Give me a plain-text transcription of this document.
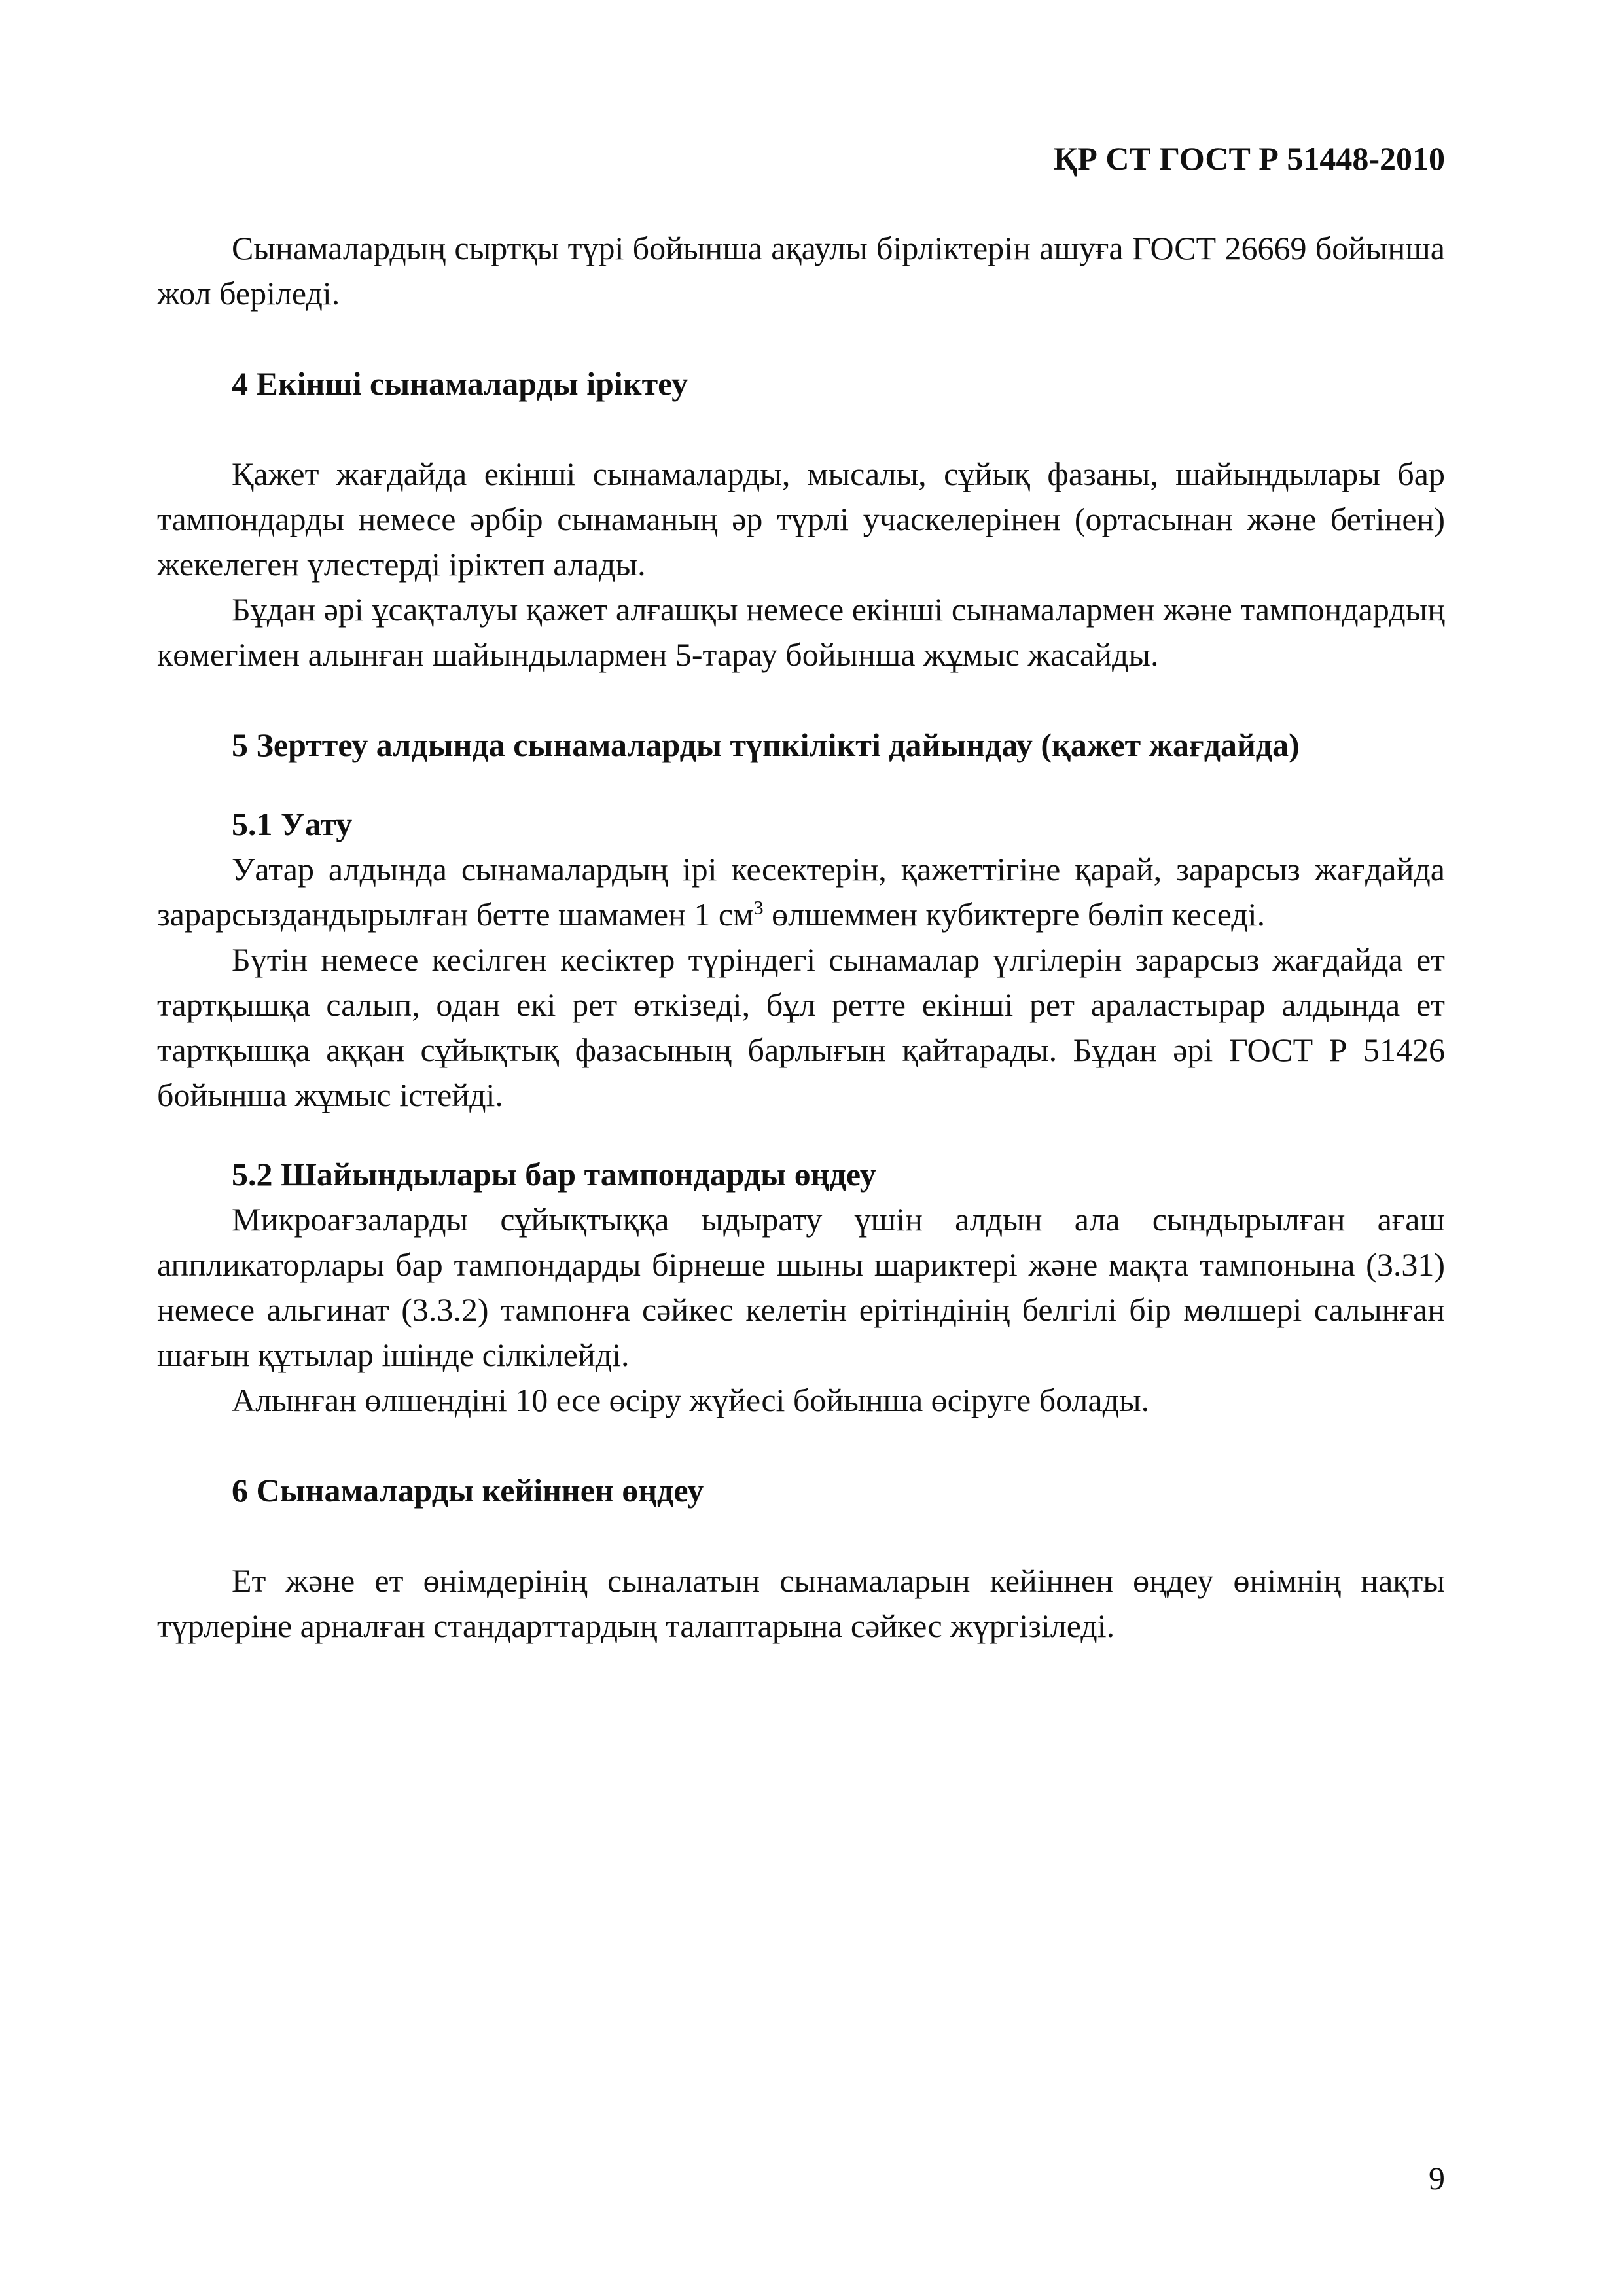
ҚР СТ ГОСТ Р 51448-2010

Сынамалардың сыртқы түрі бойынша ақаулы бірліктерін ашуға ГОСТ 26669 бойынша жол беріледі.

4 Екінші сынамаларды іріктеу

Қажет жағдайда екінші сынамаларды, мысалы, сұйық фазаны, шайындылары бар тампондарды немесе әрбір сынаманың әр түрлі учаскелерінен (ортасынан және бетінен) жекелеген үлестерді іріктеп алады.

Бұдан әрі ұсақталуы қажет алғашқы немесе екінші сынамалармен және тампондардың көмегімен алынған шайындылармен 5-тарау бойынша жұмыс жасайды.

5 Зерттеу алдында сынамаларды түпкілікті дайындау (қажет жағдайда)

5.1 Уату

Уатар алдында сынамалардың ірі кесектерін, қажеттігіне қарай, зарарсыз жағдайда зарарсыздандырылған бетте шамамен 1 $см^3$ өлшеммен кубиктерге бөліп кеседі.

Бүтін немесе кесілген кесіктер түріндегі сынамалар үлгілерін зарарсыз жағдайда ет тартқышқа салып, одан екі рет өткізеді, бұл ретте екінші рет араластырар алдында ет тартқышқа аққан сұйықтық фазасының барлығын қайтарады. Бұдан әрі ГОСТ Р 51426 бойынша жұмыс істейді.

5.2 Шайындылары бар тампондарды өңдеу

Микроағзаларды сұйықтыққа ыдырату үшін алдын ала сындырылған ағаш аппликаторлары бар тампондарды бірнеше шыны шариктері және мақта тампонына (3.31) немесе альгинат (3.3.2) тампонға сәйкес келетін ерітіндінің белгілі бір мөлшері салынған шағын құтылар ішінде сілкілейді.

Алынған өлшендіні 10 есе өсіру жүйесі бойынша өсіруге болады.

6 Сынамаларды кейіннен өңдеу

Ет және ет өнімдерінің сыналатын сынамаларын кейіннен өңдеу өнімнің нақты түрлеріне арналған стандарттардың талаптарына сәйкес жүргізіледі.

9
